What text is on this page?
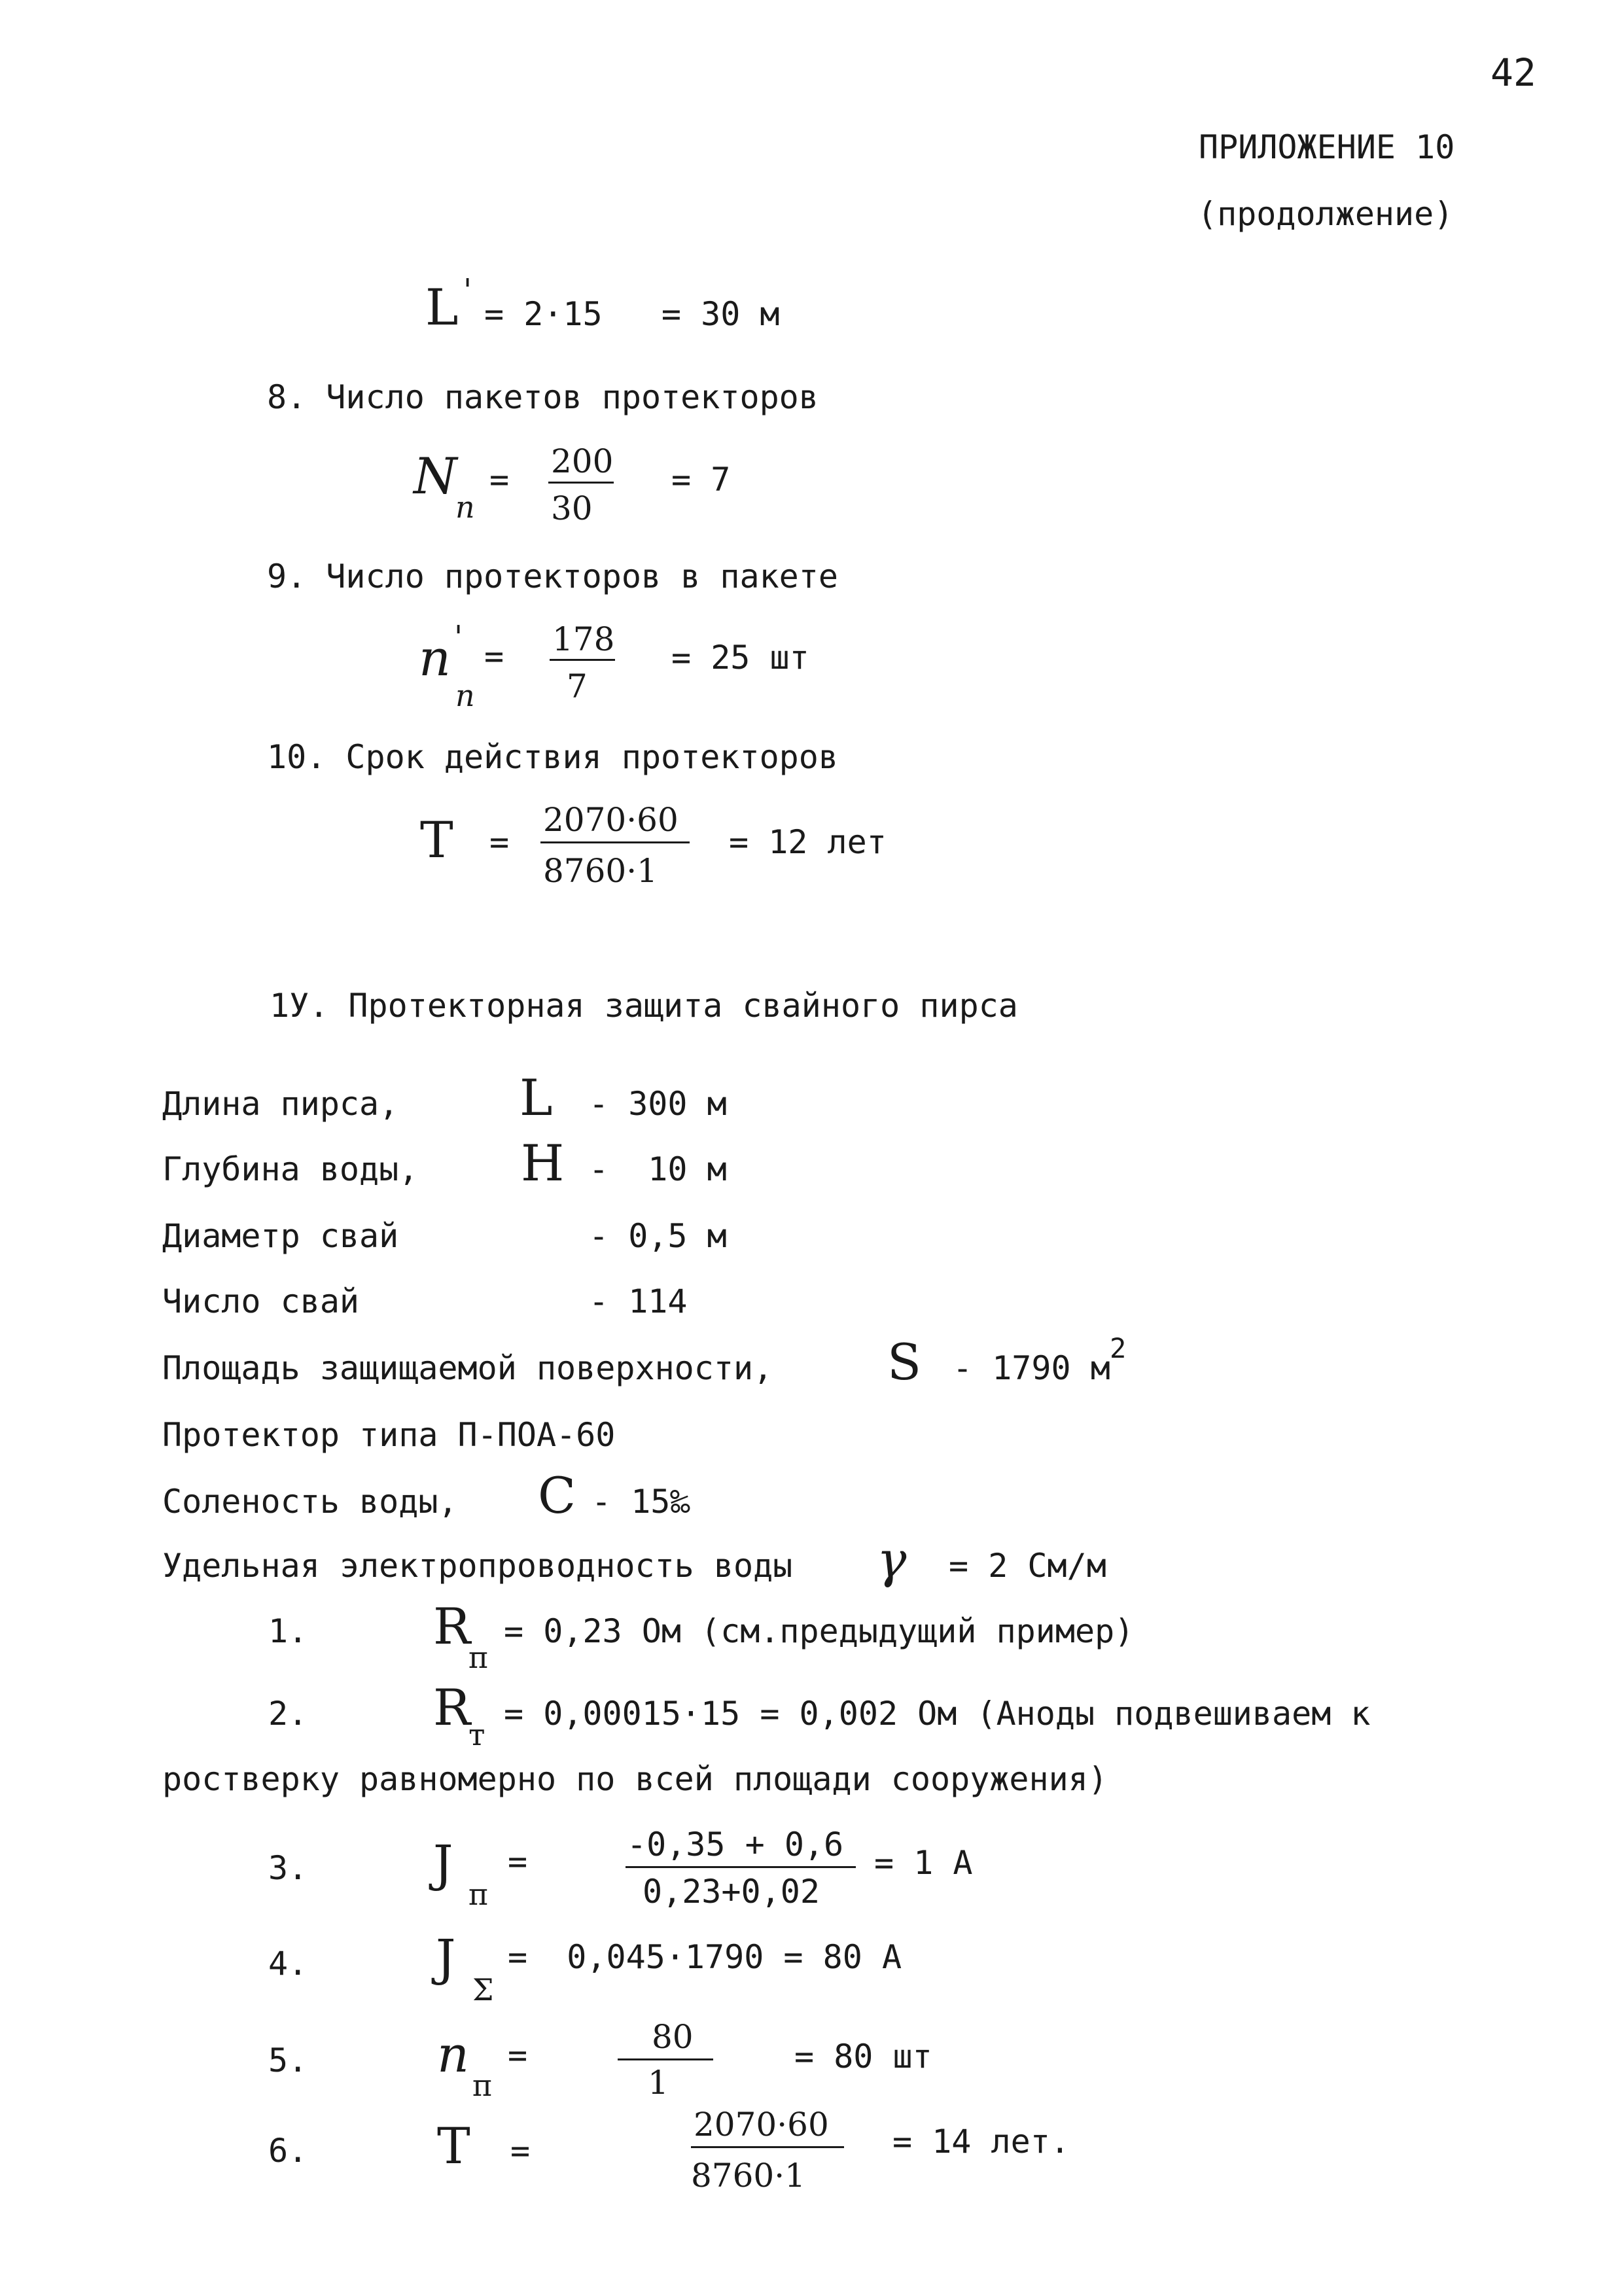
42
ПРИЛОЖЕНИЕ 10
(продолжение)
L '
= 2·15   = 30 м
8. Число пакетов протекторов
N
п
= 200
30
= 7
9. Число протекторов в пакете
n '
п
= 178
7
= 25 шт
10. Срок действия протекторов
T =
2070·60
8760·1
= 12 лет
1У. Протекторная защита свайного пирса
Длина пирса, L - 300 м
Глубина воды, H -  10 м
Диаметр свай	- 0,5 м
Число свай	- 114
Площадь защищаемой поверхности, S - 1790 м
2
Протектор типа П-ПОА-60
Соленость воды, C - 15‰
Удельная электропроводность воды γ = 2 См/м
1.	R
п
= 0,23 Ом (см.предыдущий пример)
2.	R
т
= 0,00015·15 = 0,002 Ом (Аноды подвешиваем к
ростверку равномерно по всей площади сооружения)
3.	J
п
=	-0,35 + 0,6
0,23+0,02
= 1 А
4.	J
Σ
=  0,045·1790 = 80 А
5.	n
п
=	80
1
= 80 шт
6.	T =
2070·60
8760·1
= 14 лет.
